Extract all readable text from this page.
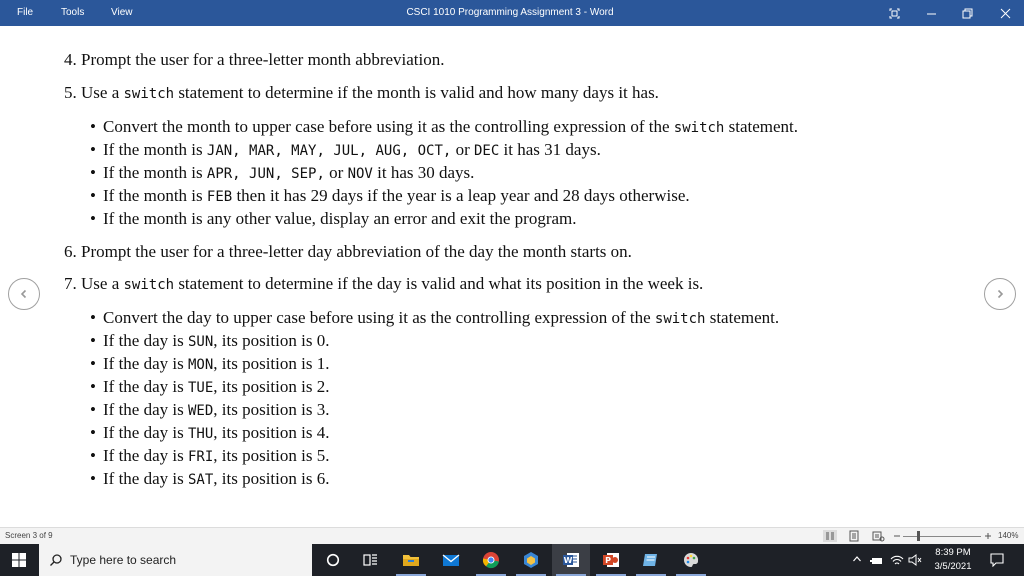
File	Tools	View	CSCI 1010 Programming Assignment 3 - Word
4. Prompt the user for a three-letter month abbreviation.
5. Use a switch statement to determine if the month is valid and how many days it has.
• Convert the month to upper case before using it as the controlling expression of the switch statement.
• If the month is JAN, MAR, MAY, JUL, AUG, OCT, or DEC it has 31 days.
• If the month is APR, JUN, SEP, or NOV it has 30 days.
• If the month is FEB then it has 29 days if the year is a leap year and 28 days otherwise.
• If the month is any other value, display an error and exit the program.
6. Prompt the user for a three-letter day abbreviation of the day the month starts on.
7. Use a switch statement to determine if the day is valid and what its position in the week is.
• Convert the day to upper case before using it as the controlling expression of the switch statement.
• If the day is SUN, its position is 0.
• If the day is MON, its position is 1.
• If the day is TUE, its position is 2.
• If the day is WED, its position is 3.
• If the day is THU, its position is 4.
• If the day is FRI, its position is 5.
• If the day is SAT, its position is 6.
Screen 3 of 9	140%
Type here to search	W	P
8:39 PM
3/5/2021
